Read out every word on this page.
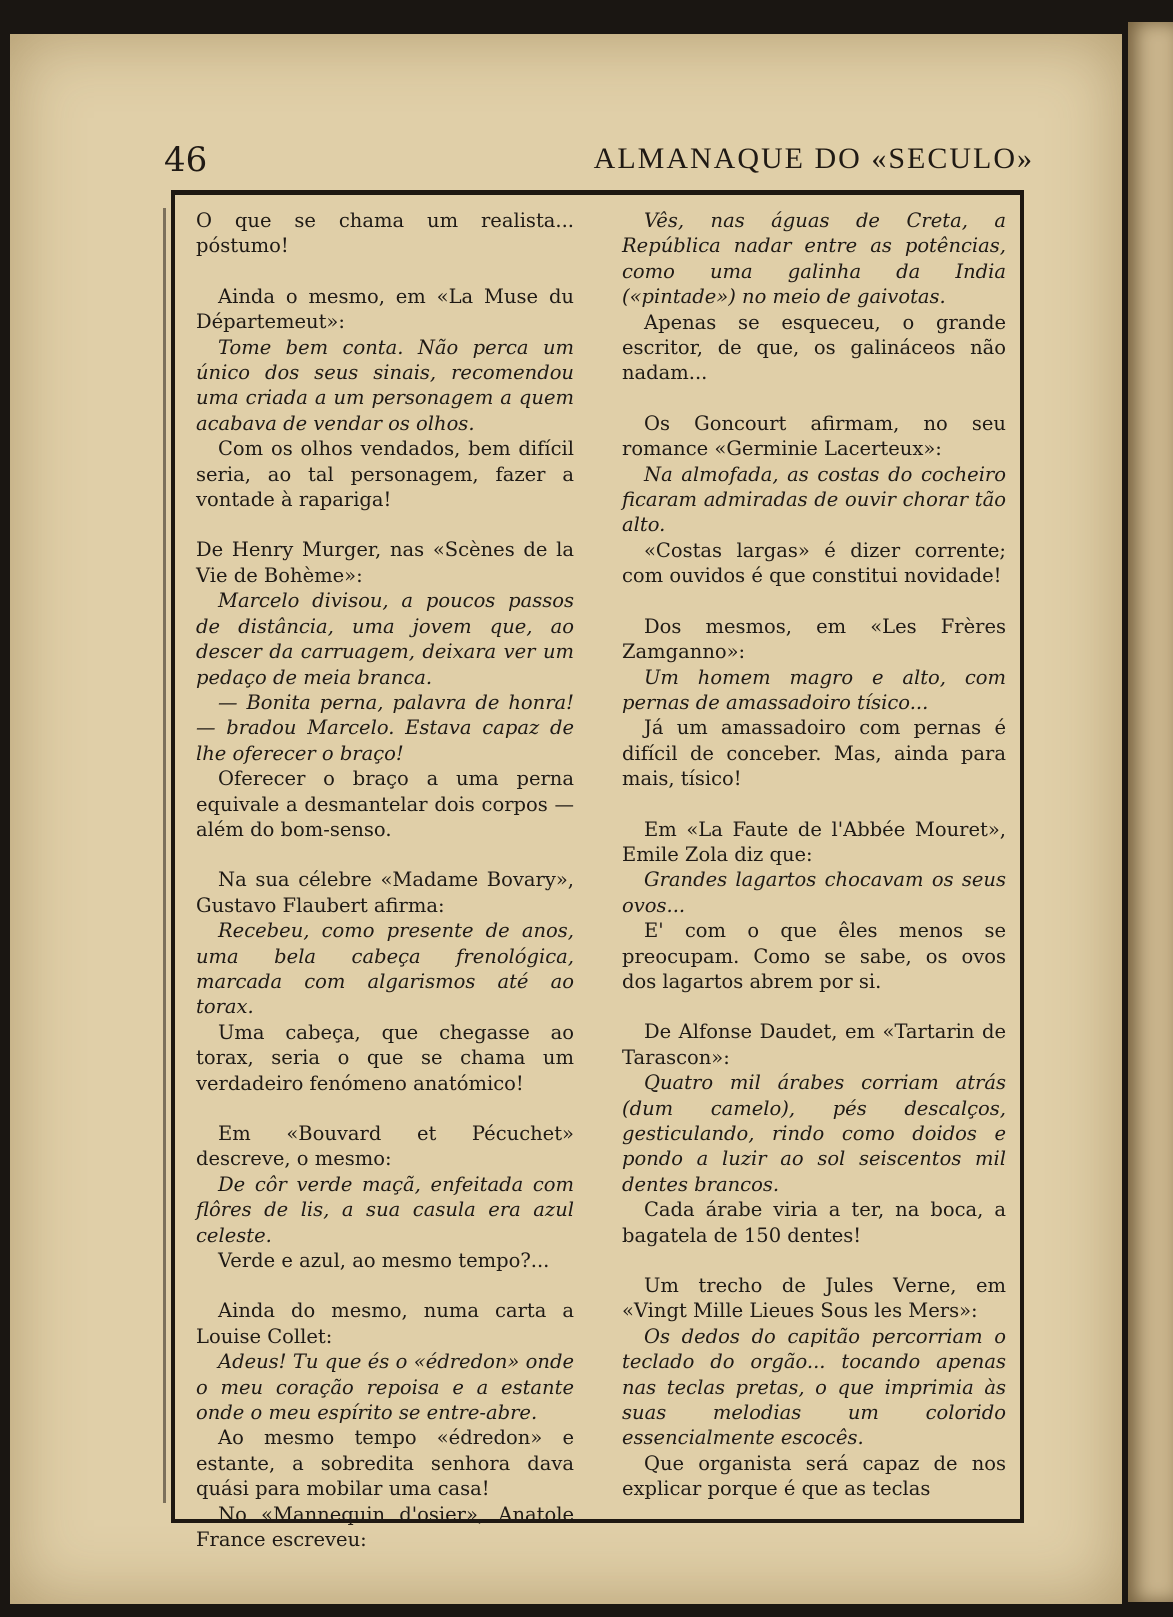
46	ALMANAQUE DO «SECULO»

O que se chama um realista... póstumo!

Ainda o mesmo, em «La Muse du Départemeut»:

Tome bem conta. Não perca um único dos seus sinais, recomendou uma criada a um personagem a quem acabava de vendar os olhos.

Com os olhos vendados, bem difícil seria, ao tal personagem, fazer a vontade à rapariga!

De Henry Murger, nas «Scènes de la Vie de Bohème»:

Marcelo divisou, a poucos passos de distância, uma jovem que, ao descer da carruagem, deixara ver um pedaço de meia branca.

— Bonita perna, palavra de honra! — bradou Marcelo. Estava capaz de lhe oferecer o braço!

Oferecer o braço a uma perna equivale a desmantelar dois corpos — além do bom-senso.

Na sua célebre «Madame Bovary», Gustavo Flaubert afirma:

Recebeu, como presente de anos, uma bela cabeça frenológica, marcada com algarismos até ao torax.

Uma cabeça, que chegasse ao torax, seria o que se chama um verdadeiro fenómeno anatómico!

Em «Bouvard et Pécuchet» descreve, o mesmo:

De côr verde maçã, enfeitada com flôres de lis, a sua casula era azul celeste.

Verde e azul, ao mesmo tempo?...

Ainda do mesmo, numa carta a Louise Collet:

Adeus! Tu que és o «édredon» onde o meu coração repoisa e a estante onde o meu espírito se entre-abre.

Ao mesmo tempo «édredon» e estante, a sobredita senhora dava quási para mobilar uma casa!

No «Mannequin d'osier», Anatole France escreveu:

Vês, nas águas de Creta, a República nadar entre as potências, como uma galinha da India («pintade») no meio de gaivotas.

Apenas se esqueceu, o grande escritor, de que, os galináceos não nadam...

Os Goncourt afirmam, no seu romance «Germinie Lacerteux»:

Na almofada, as costas do cocheiro ficaram admiradas de ouvir chorar tão alto.

«Costas largas» é dizer corrente; com ouvidos é que constitui novidade!

Dos mesmos, em «Les Frères Zamganno»:

Um homem magro e alto, com pernas de amassadoiro tísico...

Já um amassadoiro com pernas é difícil de conceber. Mas, ainda para mais, tísico!

Em «La Faute de l'Abbée Mouret», Emile Zola diz que:

Grandes lagartos chocavam os seus ovos...

E' com o que êles menos se preocupam. Como se sabe, os ovos dos lagartos abrem por si.

De Alfonse Daudet, em «Tartarin de Tarascon»:

Quatro mil árabes corriam atrás (dum camelo), pés descalços, gesticulando, rindo como doidos e pondo a luzir ao sol seiscentos mil dentes brancos.

Cada árabe viria a ter, na boca, a bagatela de 150 dentes!

Um trecho de Jules Verne, em «Vingt Mille Lieues Sous les Mers»:

Os dedos do capitão percorriam o teclado do orgão... tocando apenas nas teclas pretas, o que imprimia às suas melodias um colorido essencialmente escocês.

Que organista será capaz de nos explicar porque é que as teclas
